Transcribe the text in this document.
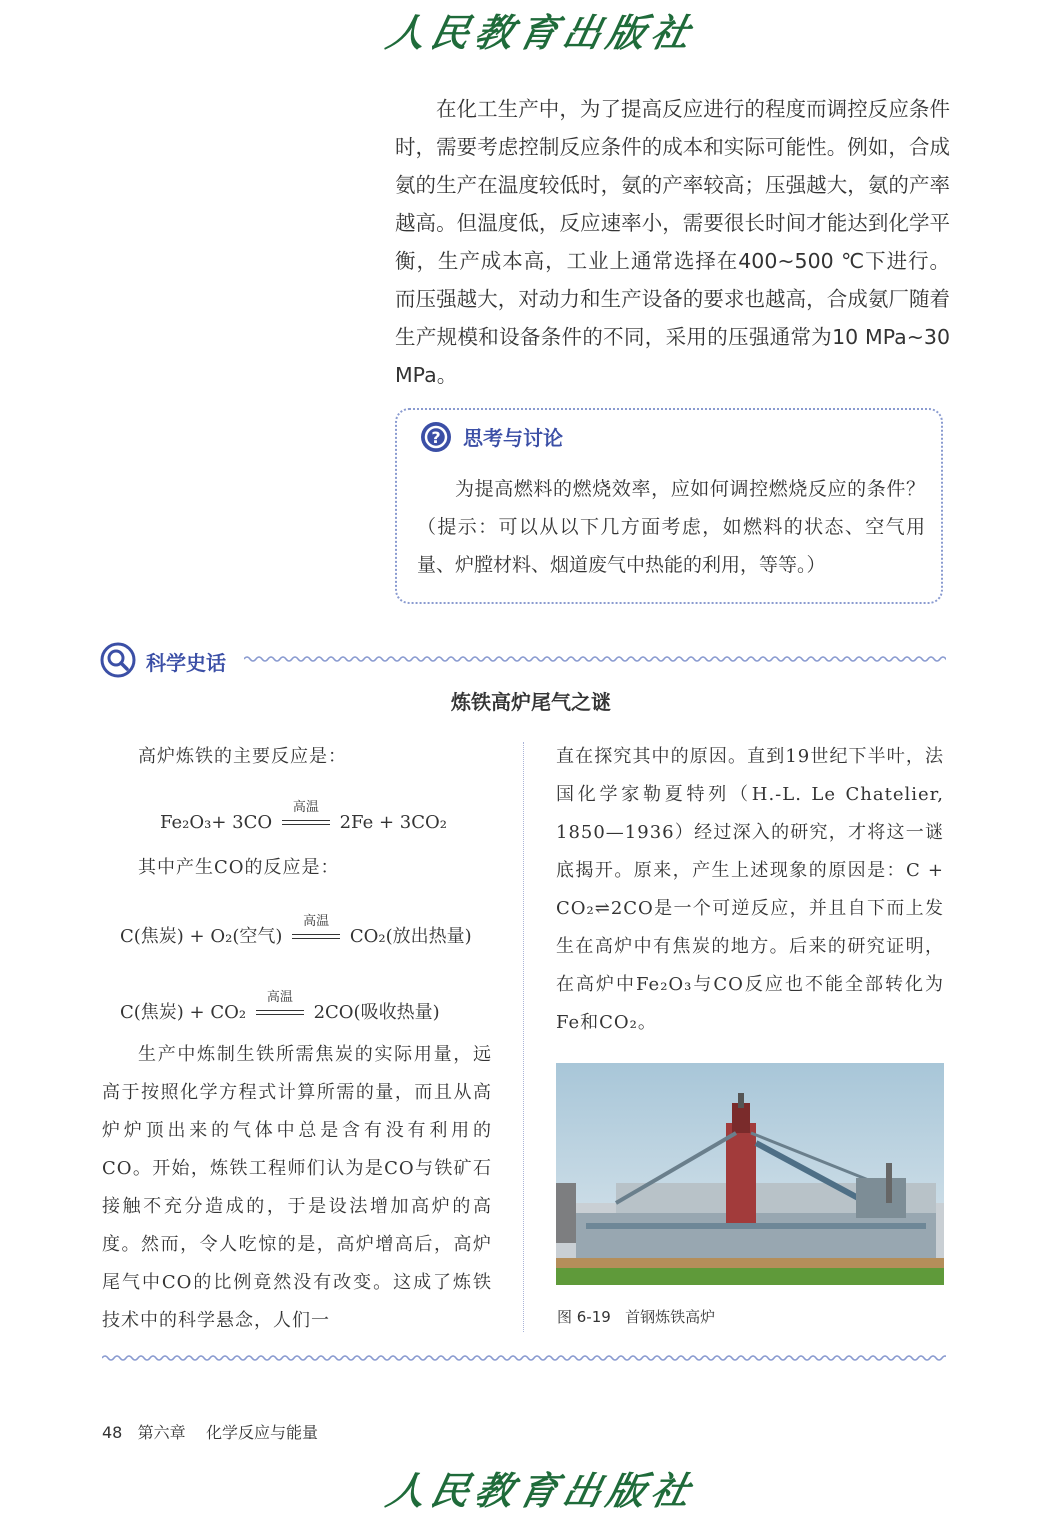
人民教育出版社

在化工生产中，为了提高反应进行的程度而调控反应条件时，需要考虑控制反应条件的成本和实际可能性。例如，合成氨的生产在温度较低时，氨的产率较高；压强越大，氨的产率越高。但温度低，反应速率小，需要很长时间才能达到化学平衡，生产成本高，工业上通常选择在400~500 ℃下进行。而压强越大，对动力和生产设备的要求也越高，合成氨厂随着生产规模和设备条件的不同，采用的压强通常为10 MPa~30 MPa。

? 思考与讨论

为提高燃料的燃烧效率，应如何调控燃烧反应的条件？（提示：可以从以下几方面考虑，如燃料的状态、空气用量、炉膛材料、烟道废气中热能的利用，等等。）

科学史话
炼铁高炉尾气之谜

高炉炼铁的主要反应是：

Fe₂O₃+ 3CO
高温
2Fe + 3CO₂

其中产生CO的反应是：

C(焦炭) + O₂(空气)
高温
CO₂(放出热量)
C(焦炭) + CO₂
高温
2CO(吸收热量)

生产中炼制生铁所需焦炭的实际用量，远高于按照化学方程式计算所需的量，而且从高炉炉顶出来的气体中总是含有没有利用的CO。开始，炼铁工程师们认为是CO与铁矿石接触不充分造成的，于是设法增加高炉的高度。然而，令人吃惊的是，高炉增高后，高炉尾气中CO的比例竟然没有改变。这成了炼铁技术中的科学悬念，人们一

直在探究其中的原因。直到19世纪下半叶，法国化学家勒夏特列（H.-L. Le Chatelier, 1850—1936）经过深入的研究，才将这一谜底揭开。原来，产生上述现象的原因是：C + CO₂⇌2CO是一个可逆反应，并且自下而上发生在高炉中有焦炭的地方。后来的研究证明，在高炉中Fe₂O₃与CO反应也不能全部转化为Fe和CO₂。

图 6-19 首钢炼铁高炉
48 第六章 化学反应与能量
人民教育出版社
